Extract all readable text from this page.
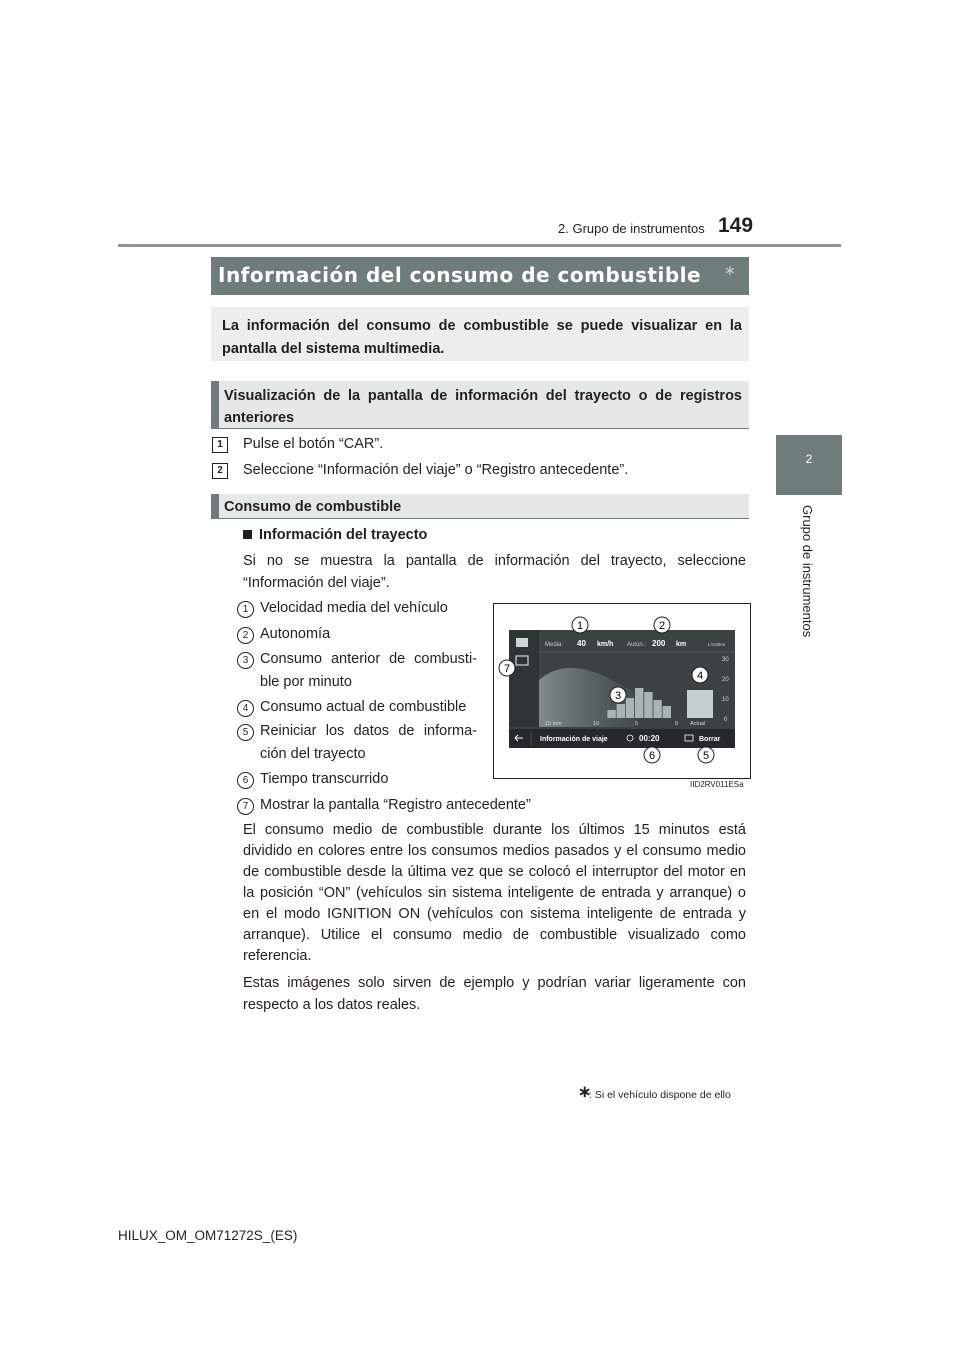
2. Grupo de instrumentos 149
2
Grupo de instrumentos
Información del consumo de combustible ∗
La información del consumo de combustible se puede visualizar en la pantalla del sistema multimedia.
Visualización de la pantalla de información del trayecto o de registros anteriores
1	Pulse el botón “CAR”.
2	Seleccione “Información del viaje” o “Registro antecedente”.
Consumo de combustible
Información del trayecto
Si no se muestra la pantalla de información del trayecto, seleccione “Información del viaje”.
1 Velocidad media del vehículo
2 Autonomía
3 Consumo anterior de combusti-
ble por minuto
4 Consumo actual de combustible
5 Reiniciar los datos de informa-
ción del trayecto
6 Tiempo transcurrido
7 Mostrar la pantalla “Registro antecedente”
Media: 40 km/h Auton.: 200 km	L/100km
30
20
10
0
15 min	10	5	0 Actual
Información de viaje	00:20	Borrar
1	2
3
4
5
6
7
IID2RV011ESa
El consumo medio de combustible durante los últimos 15 minutos está dividido en colores entre los consumos medios pasados y el consumo medio de combustible desde la última vez que se colocó el interruptor del motor en la posición “ON” (vehículos sin sistema inteligente de entrada y arranque) o en el modo IGNITION ON (vehículos con sistema inteligente de entrada y arranque). Utilice el consumo medio de combustible visualizado como referencia.
Estas imágenes solo sirven de ejemplo y podrían variar ligeramente con respecto a los datos reales.
∗
: Si el vehículo dispone de ello
HILUX_OM_OM71272S_(ES)
